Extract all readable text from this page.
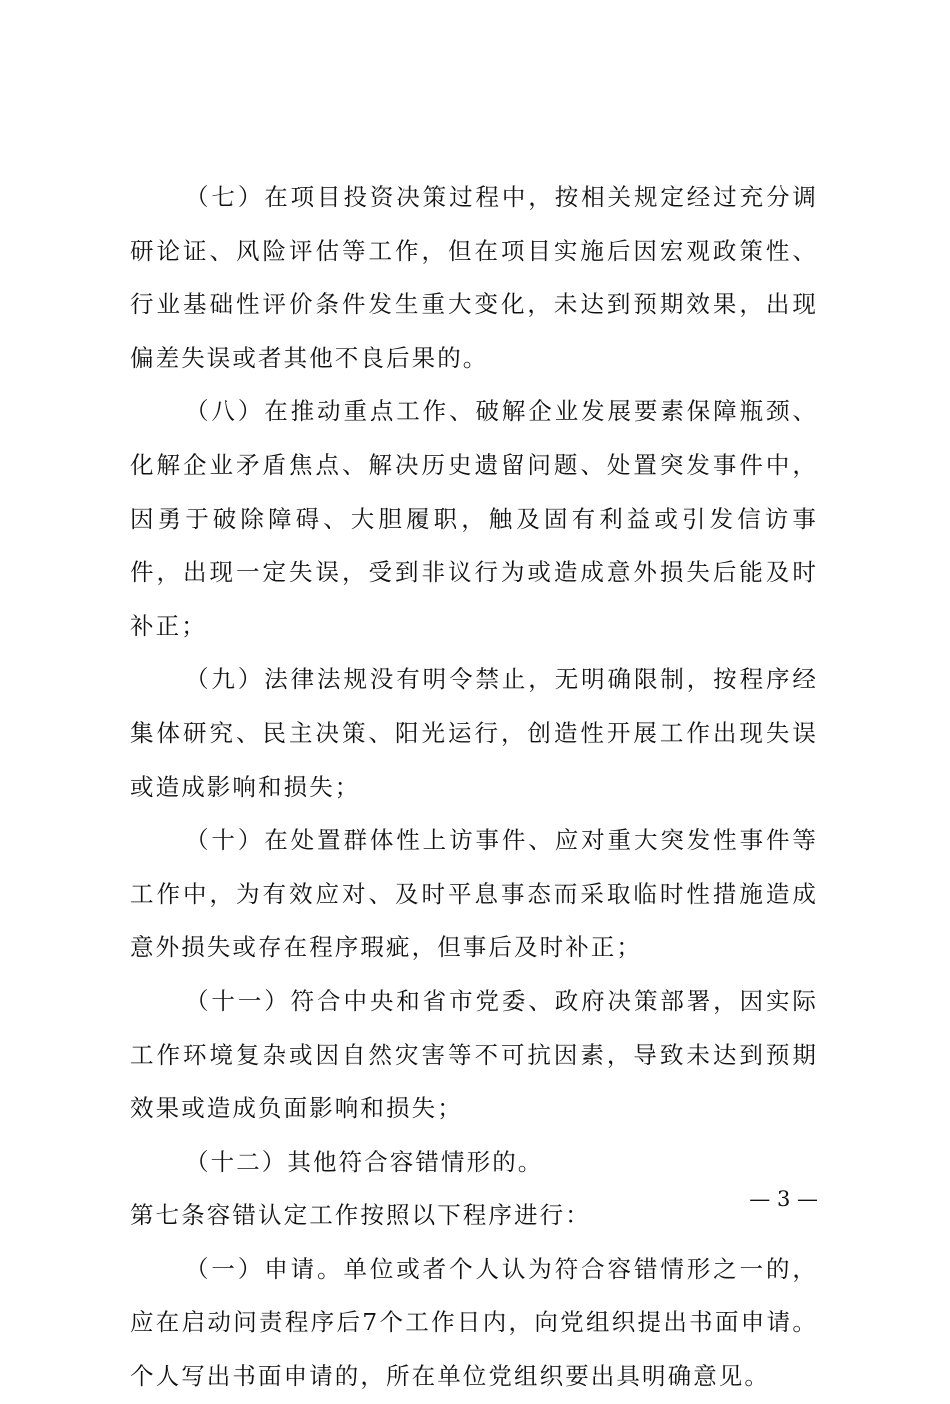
（七）在项目投资决策过程中，按相关规定经过充分调研论证、风险评估等工作，但在项目实施后因宏观政策性、行业基础性评价条件发生重大变化，未达到预期效果，出现偏差失误或者其他不良后果的。

（八）在推动重点工作、破解企业发展要素保障瓶颈、化解企业矛盾焦点、解决历史遗留问题、处置突发事件中，因勇于破除障碍、大胆履职，触及固有利益或引发信访事件，出现一定失误，受到非议行为或造成意外损失后能及时补正；

（九）法律法规没有明令禁止，无明确限制，按程序经集体研究、民主决策、阳光运行，创造性开展工作出现失误或造成影响和损失；

（十）在处置群体性上访事件、应对重大突发性事件等工作中，为有效应对、及时平息事态而采取临时性措施造成意外损失或存在程序瑕疵，但事后及时补正；

（十一）符合中央和省市党委、政府决策部署，因实际工作环境复杂或因自然灾害等不可抗因素，导致未达到预期效果或造成负面影响和损失；

（十二）其他符合容错情形的。

第七条容错认定工作按照以下程序进行：

（一）申请。单位或者个人认为符合容错情形之一的，应在启动问责程序后7个工作日内，向党组织提出书面申请。个人写出书面申请的，所在单位党组织要出具明确意见。

— 3 —
